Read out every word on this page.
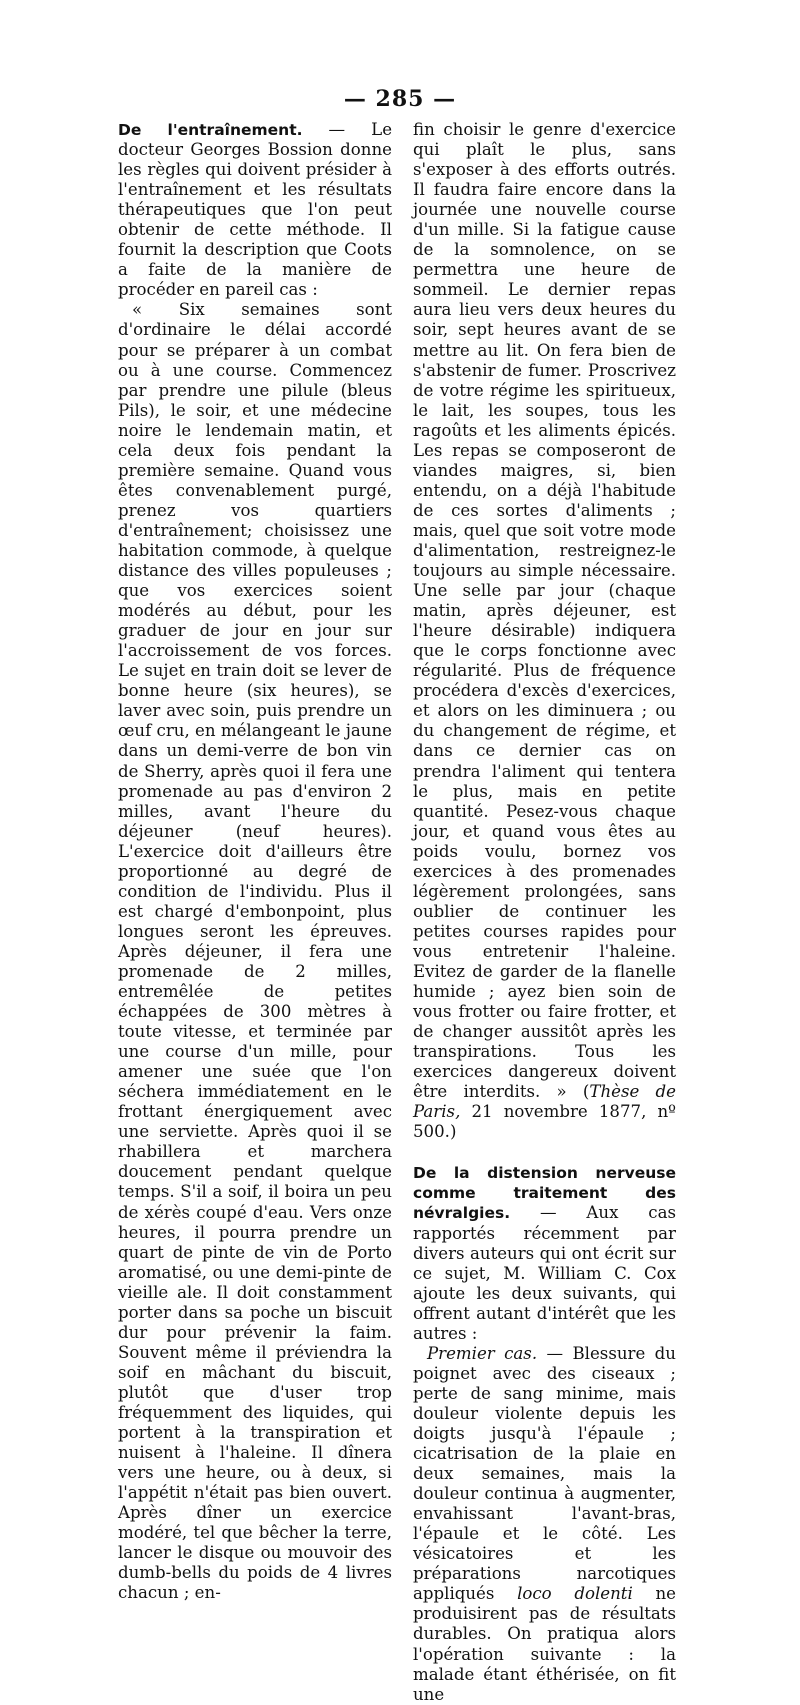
— 285 —

De l'entraînement. — Le docteur Georges Bossion donne les règles qui doivent présider à l'entraînement et les résultats thérapeutiques que l'on peut obtenir de cette méthode. Il fournit la description que Coots a faite de la manière de procéder en pareil cas :

« Six semaines sont d'ordinaire le délai accordé pour se préparer à un combat ou à une course. Commencez par prendre une pilule (bleus Pils), le soir, et une médecine noire le lendemain matin, et cela deux fois pendant la première semaine. Quand vous êtes convenablement purgé, prenez vos quartiers d'entraînement; choisissez une habitation commode, à quelque distance des villes populeuses ; que vos exercices soient modérés au début, pour les graduer de jour en jour sur l'accroissement de vos forces. Le sujet en train doit se lever de bonne heure (six heures), se laver avec soin, puis prendre un œuf cru, en mélangeant le jaune dans un demi-verre de bon vin de Sherry, après quoi il fera une promenade au pas d'environ 2 milles, avant l'heure du déjeuner (neuf heures). L'exercice doit d'ailleurs être proportionné au degré de condition de l'individu. Plus il est chargé d'embonpoint, plus longues seront les épreuves. Après déjeuner, il fera une promenade de 2 milles, entremêlée de petites échappées de 300 mètres à toute vitesse, et terminée par une course d'un mille, pour amener une suée que l'on séchera immédiatement en le frottant énergiquement avec une serviette. Après quoi il se rhabillera et marchera doucement pendant quelque temps. S'il a soif, il boira un peu de xérès coupé d'eau. Vers onze heures, il pourra prendre un quart de pinte de vin de Porto aromatisé, ou une demi-pinte de vieille ale. Il doit constamment porter dans sa poche un biscuit dur pour prévenir la faim. Souvent même il préviendra la soif en mâchant du biscuit, plutôt que d'user trop fréquemment des liquides, qui portent à la transpiration et nuisent à l'haleine. Il dînera vers une heure, ou à deux, si l'appétit n'était pas bien ouvert. Après dîner un exercice modéré, tel que bêcher la terre, lancer le disque ou mouvoir des dumb-bells du poids de 4 livres chacun ; en-

fin choisir le genre d'exercice qui plaît le plus, sans s'exposer à des efforts outrés. Il faudra faire encore dans la journée une nouvelle course d'un mille. Si la fatigue cause de la somnolence, on se permettra une heure de sommeil. Le dernier repas aura lieu vers deux heures du soir, sept heures avant de se mettre au lit. On fera bien de s'abstenir de fumer. Proscrivez de votre régime les spiritueux, le lait, les soupes, tous les ragoûts et les aliments épicés. Les repas se composeront de viandes maigres, si, bien entendu, on a déjà l'habitude de ces sortes d'aliments ; mais, quel que soit votre mode d'alimentation, restreignez-le toujours au simple nécessaire. Une selle par jour (chaque matin, après déjeuner, est l'heure désirable) indiquera que le corps fonctionne avec régularité. Plus de fréquence procédera d'excès d'exercices, et alors on les diminuera ; ou du changement de régime, et dans ce dernier cas on prendra l'aliment qui tentera le plus, mais en petite quantité. Pesez-vous chaque jour, et quand vous êtes au poids voulu, bornez vos exercices à des promenades légèrement prolongées, sans oublier de continuer les petites courses rapides pour vous entretenir l'haleine. Evitez de garder de la flanelle humide ; ayez bien soin de vous frotter ou faire frotter, et de changer aussitôt après les transpirations. Tous les exercices dangereux doivent être interdits. » (Thèse de Paris, 21 novembre 1877, nº 500.)

De la distension nerveuse comme traitement des névralgies. — Aux cas rapportés récemment par divers auteurs qui ont écrit sur ce sujet, M. William C. Cox ajoute les deux suivants, qui offrent autant d'intérêt que les autres :

Premier cas. — Blessure du poignet avec des ciseaux ; perte de sang minime, mais douleur violente depuis les doigts jusqu'à l'épaule ; cicatrisation de la plaie en deux semaines, mais la douleur continua à augmenter, envahissant l'avant-bras, l'épaule et le côté. Les vésicatoires et les préparations narcotiques appliqués loco dolenti ne produisirent pas de résultats durables. On pratiqua alors l'opération suivante : la malade étant éthérisée, on fit une
